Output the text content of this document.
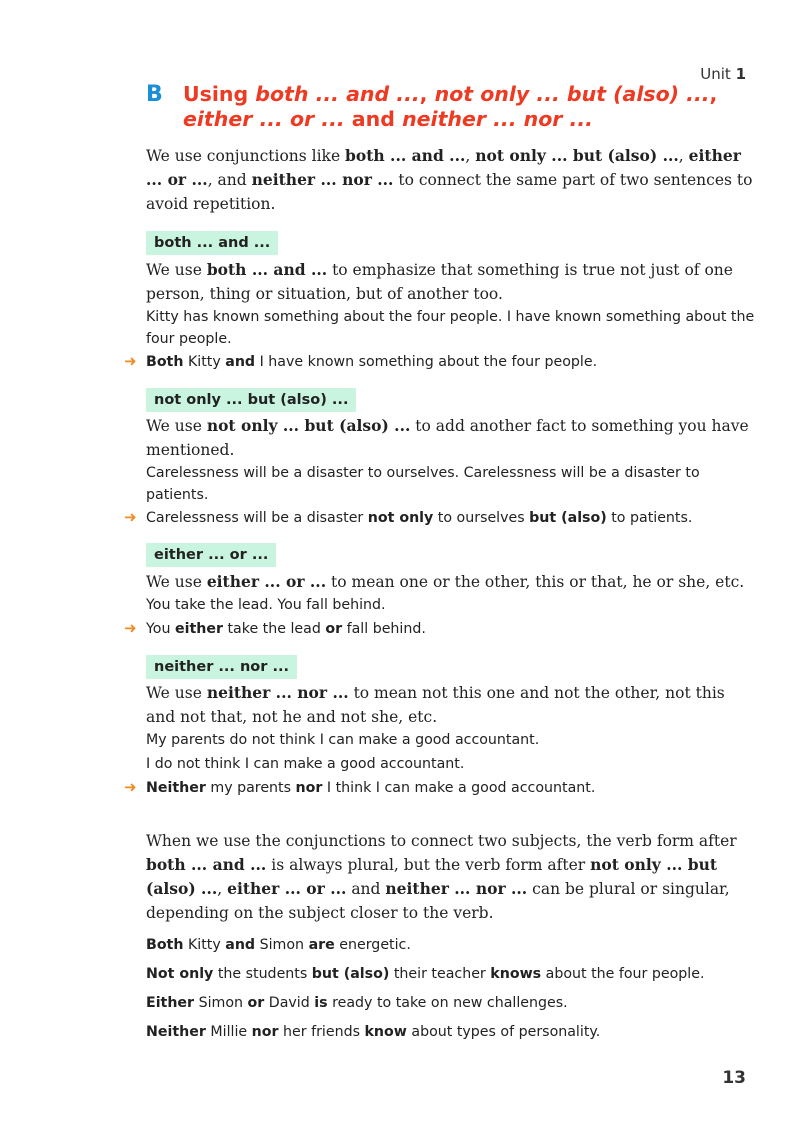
Unit 1
B Using both ... and ..., not only ... but (also) ...,
either ... or ... and neither ... nor ...
We use conjunctions like both ... and ..., not only ... but (also) ..., either ... or ..., and neither ... nor ... to connect the same part of two sentences to avoid repetition.
both ... and ...
We use both ... and ... to emphasize that something is true not just of one person, thing or situation, but of another too.
Kitty has known something about the four people. I have known something about the four people.
➜ Both Kitty and I have known something about the four people.
not only ... but (also) ...
We use not only ... but (also) ... to add another fact to something you have mentioned.
Carelessness will be a disaster to ourselves. Carelessness will be a disaster to patients.
➜ Carelessness will be a disaster not only to ourselves but (also) to patients.
either ... or ...
We use either ... or ... to mean one or the other, this or that, he or she, etc.
You take the lead. You fall behind.
➜ You either take the lead or fall behind.
neither ... nor ...
We use neither ... nor ... to mean not this one and not the other, not this and not that, not he and not she, etc.
My parents do not think I can make a good accountant.
I do not think I can make a good accountant.
➜ Neither my parents nor I think I can make a good accountant.
When we use the conjunctions to connect two subjects, the verb form after both ... and ... is always plural, but the verb form after not only ... but (also) ..., either ... or ... and neither ... nor ... can be plural or singular, depending on the subject closer to the verb.
Both Kitty and Simon are energetic.
Not only the students but (also) their teacher knows about the four people.
Either Simon or David is ready to take on new challenges.
Neither Millie nor her friends know about types of personality.
13
